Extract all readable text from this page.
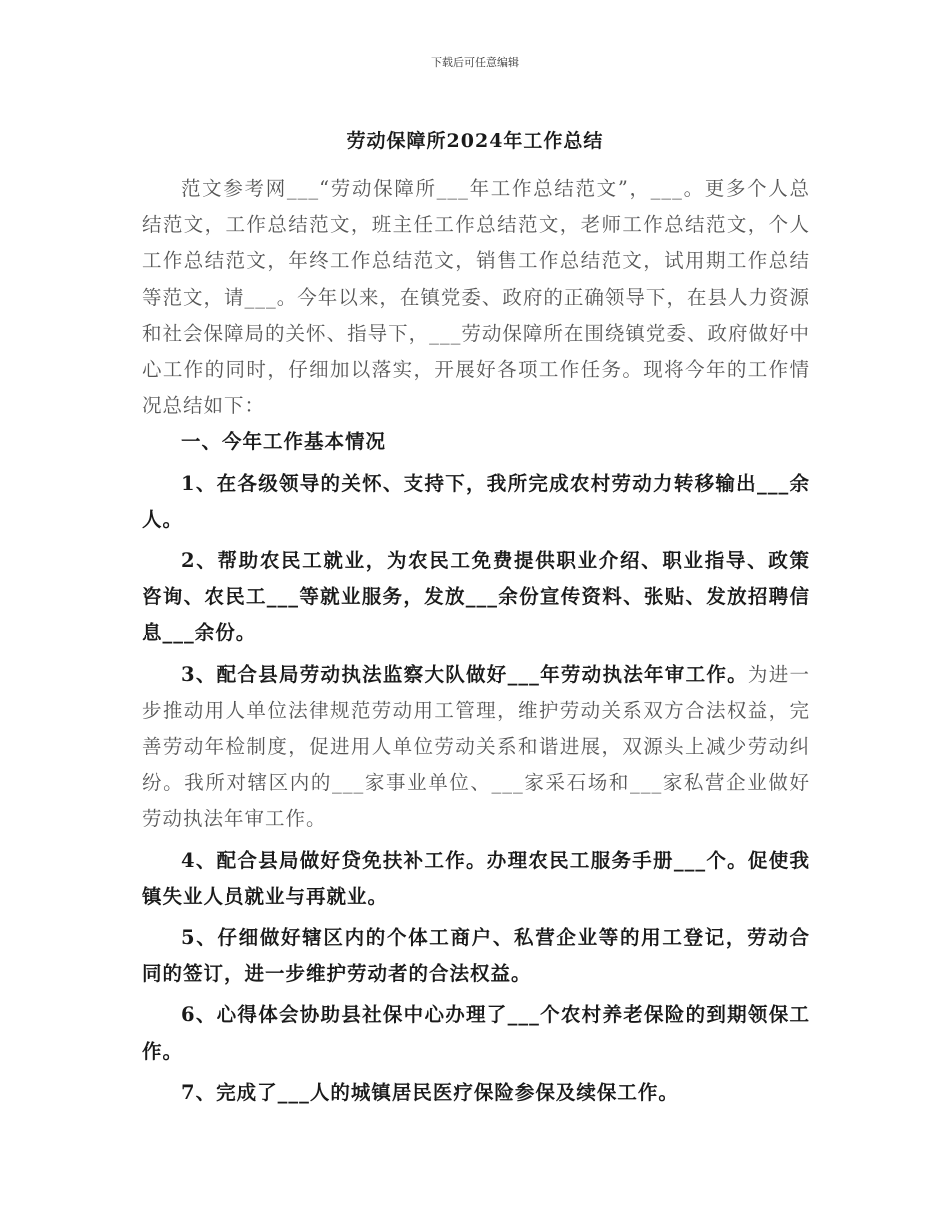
下载后可任意编辑
劳动保障所2024年工作总结

范文参考网___“劳动保障所___年工作总结范文”，___。更多个人总结范文，工作总结范文，班主任工作总结范文，老师工作总结范文，个人工作总结范文，年终工作总结范文，销售工作总结范文，试用期工作总结等范文，请___。今年以来，在镇党委、政府的正确领导下，在县人力资源和社会保障局的关怀、指导下，___劳动保障所在围绕镇党委、政府做好中心工作的同时，仔细加以落实，开展好各项工作任务。现将今年的工作情况总结如下：

一、今年工作基本情况

1、在各级领导的关怀、支持下，我所完成农村劳动力转移输出___余人。

2、帮助农民工就业，为农民工免费提供职业介绍、职业指导、政策咨询、农民工___等就业服务，发放___余份宣传资料、张贴、发放招聘信息___余份。

3、配合县局劳动执法监察大队做好___年劳动执法年审工作。为进一步推动用人单位法律规范劳动用工管理，维护劳动关系双方合法权益，完善劳动年检制度，促进用人单位劳动关系和谐进展，双源头上减少劳动纠纷。我所对辖区内的___家事业单位、___家采石场和___家私营企业做好劳动执法年审工作。

4、配合县局做好贷免扶补工作。办理农民工服务手册___个。促使我镇失业人员就业与再就业。

5、仔细做好辖区内的个体工商户、私营企业等的用工登记，劳动合同的签订，进一步维护劳动者的合法权益。

6、心得体会协助县社保中心办理了___个农村养老保险的到期领保工作。

7、完成了___人的城镇居民医疗保险参保及续保工作。
